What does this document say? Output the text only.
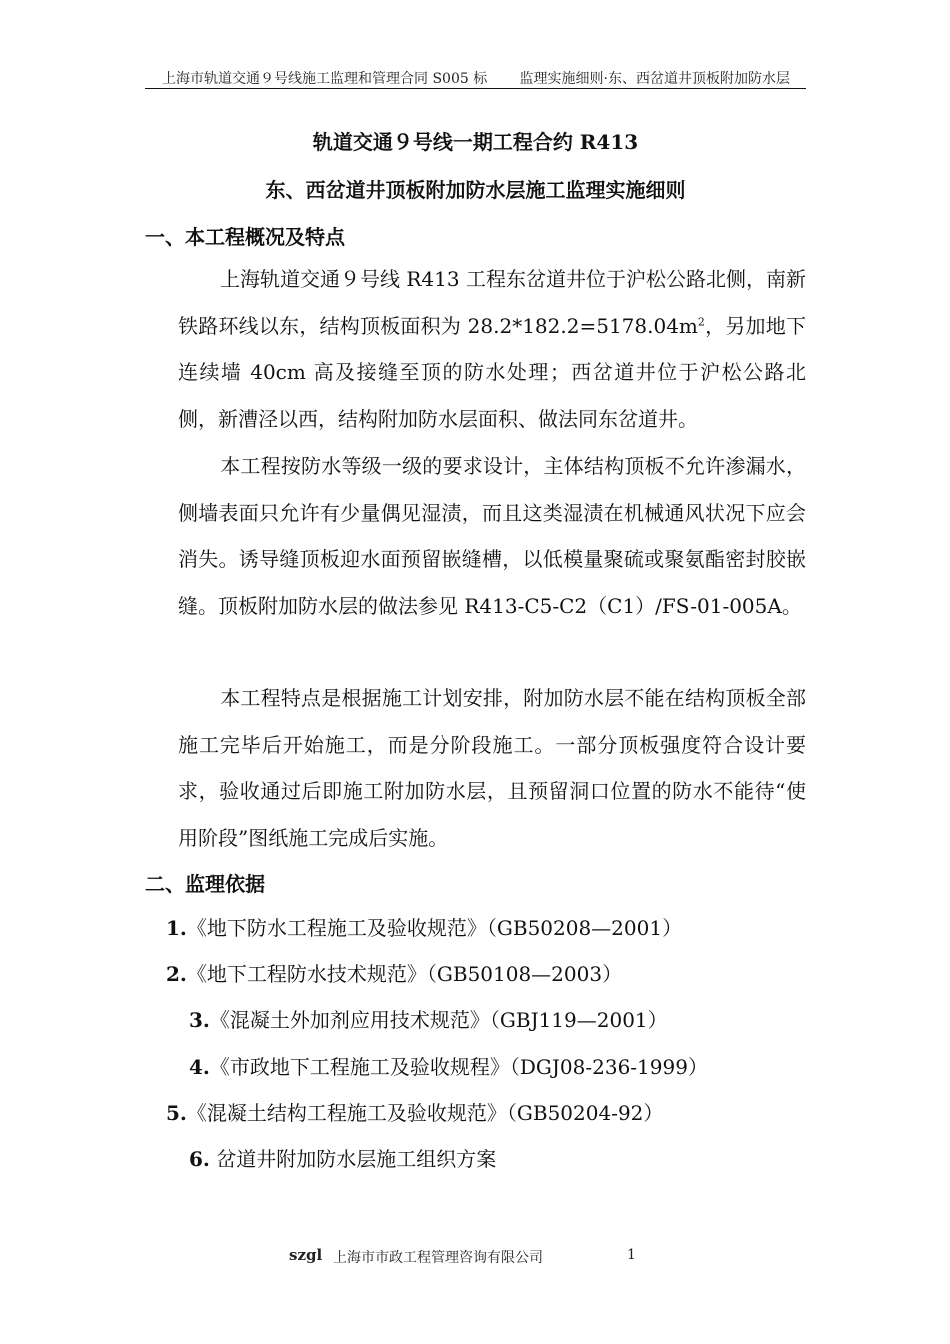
上海市轨道交通９号线施工监理和管理合同 S005 标 监理实施细则·东、西岔道井顶板附加防水层
轨道交通９号线一期工程合约 R413
东、西岔道井顶板附加防水层施工监理实施细则
一、本工程概况及特点

上海轨道交通９号线 R413 工程东岔道井位于沪松公路北侧，南新铁路环线以东，结构顶板面积为 $28.2*182.2=5178.04m^2$，另加地下连续墙 40cm 高及接缝至顶的防水处理；西岔道井位于沪松公路北侧，新漕泾以西，结构附加防水层面积、做法同东岔道井。

本工程按防水等级一级的要求设计，主体结构顶板不允许渗漏水，侧墙表面只允许有少量偶见湿渍，而且这类湿渍在机械通风状况下应会消失。诱导缝顶板迎水面预留嵌缝槽，以低模量聚硫或聚氨酯密封胶嵌缝。顶板附加防水层的做法参见 R413-C5-C2（C1）/FS-01-005A。

本工程特点是根据施工计划安排，附加防水层不能在结构顶板全部施工完毕后开始施工，而是分阶段施工。一部分顶板强度符合设计要求，验收通过后即施工附加防水层，且预留洞口位置的防水不能待“使用阶段”图纸施工完成后实施。

二、监理依据
1.《地下防水工程施工及验收规范》（GB50208—2001）
2.《地下工程防水技术规范》（GB50108—2003）
3.《混凝土外加剂应用技术规范》（GBJ119—2001）
4.《市政地下工程施工及验收规程》（DGJ08-236-1999）
5.《混凝土结构工程施工及验收规范》（GB50204-92）
6. 岔道井附加防水层施工组织方案
szgl 上海市市政工程管理咨询有限公司	1
